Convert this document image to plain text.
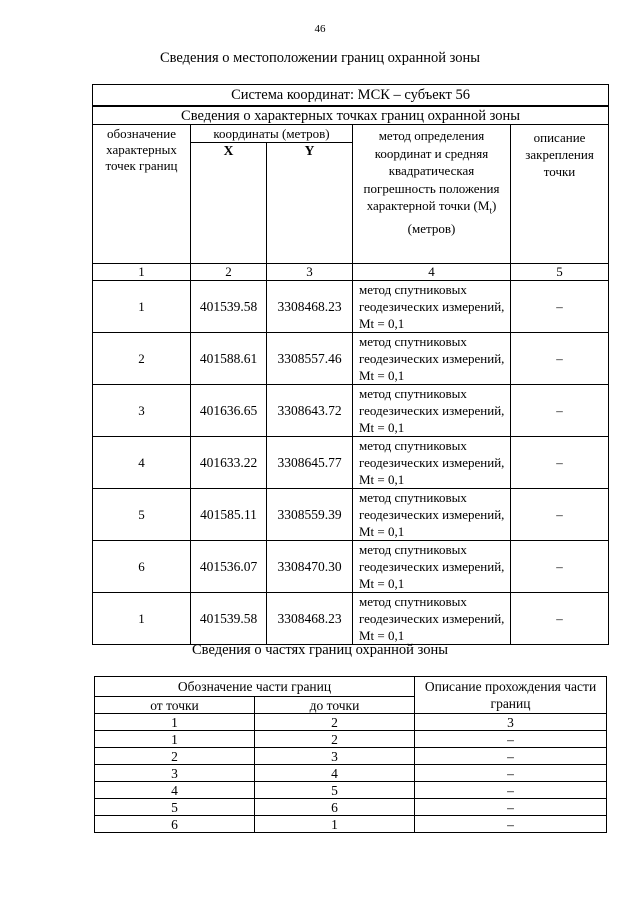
46
Сведения о местоположении границ охранной зоны
Система координат: МСК – субъект 56				
Сведения о характерных точках границ охранной зоны				
обозначение характерных точек границ	координаты (метров)		метод определения координат и средняя квадратическая погрешность положения характерной точки $(M_t)$ (метров)	описание закрепления точки
	X	Y		
1	2	3	4	5
1	401539.58	3308468.23	метод спутниковых геодезических измерений, Mt = 0,1	–
2	401588.61	3308557.46	метод спутниковых геодезических измерений, Mt = 0,1	–
3	401636.65	3308643.72	метод спутниковых геодезических измерений, Mt = 0,1	–
4	401633.22	3308645.77	метод спутниковых геодезических измерений, Mt = 0,1	–
5	401585.11	3308559.39	метод спутниковых геодезических измерений, Mt = 0,1	–
6	401536.07	3308470.30	метод спутниковых геодезических измерений, Mt = 0,1	–
1	401539.58	3308468.23	метод спутниковых геодезических измерений, Mt = 0,1	–
Сведения о частях границ охранной зоны
Обозначение части границ		Описание прохождения части границ
от точки	до точки	
1	2	3
1	2	–
2	3	–
3	4	–
4	5	–
5	6	–
6	1	–
